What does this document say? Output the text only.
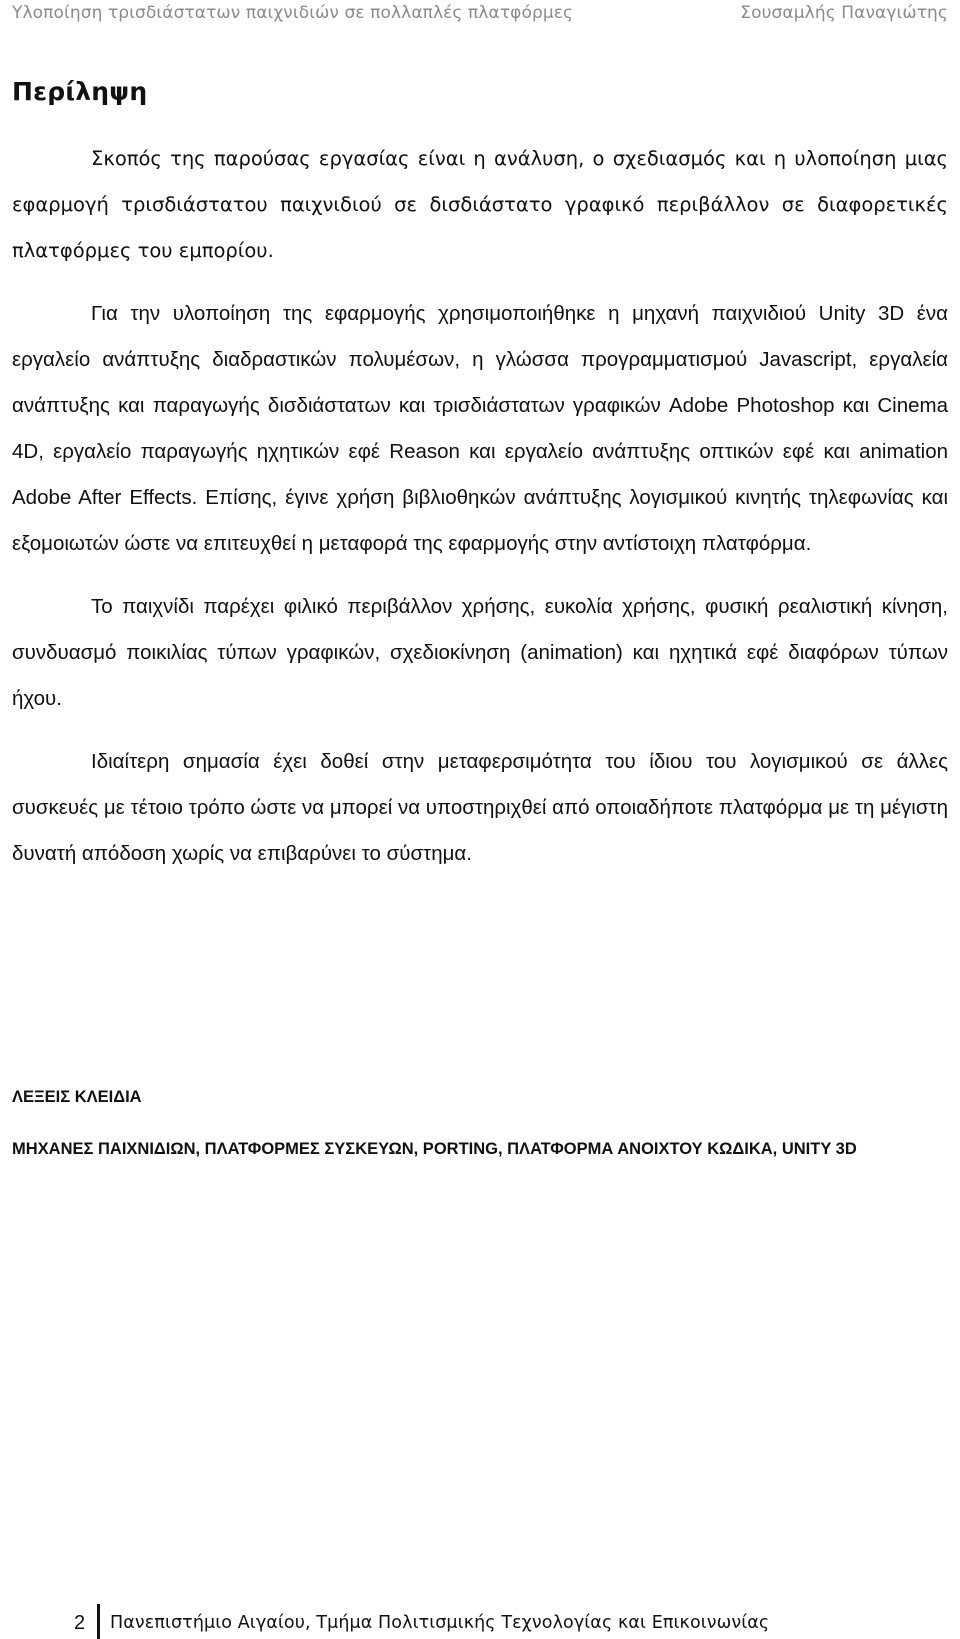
Υλοποίηση τρισδιάστατων παιχνιδιών σε πολλαπλές πλατφόρμες	Σουσαμλής Παναγιώτης
Περίληψη

Σκοπός της παρούσας εργασίας είναι η ανάλυση, ο σχεδιασμός και η υλοποίηση μιας εφαρμογή τρισδιάστατου παιχνιδιού σε δισδιάστατο γραφικό περιβάλλον σε διαφορετικές πλατφόρμες του εμπορίου.

Για την υλοποίηση της εφαρμογής χρησιμοποιήθηκε η μηχανή παιχνιδιού Unity 3D ένα εργαλείο ανάπτυξης διαδραστικών πολυμέσων, η γλώσσα προγραμματισμού Javascript, εργαλεία ανάπτυξης και παραγωγής δισδιάστατων και τρισδιάστατων γραφικών Adobe Photoshop και Cinema 4D, εργαλείο παραγωγής ηχητικών εφέ Reason και εργαλείο ανάπτυξης οπτικών εφέ και animation Adobe After Effects. Επίσης, έγινε χρήση βιβλιοθηκών ανάπτυξης λογισμικού κινητής τηλεφωνίας και εξομοιωτών ώστε να επιτευχθεί η μεταφορά της εφαρμογής στην αντίστοιχη πλατφόρμα.

Το παιχνίδι παρέχει φιλικό περιβάλλον χρήσης, ευκολία χρήσης, φυσική ρεαλιστική κίνηση, συνδυασμό ποικιλίας τύπων γραφικών, σχεδιοκίνηση (animation) και ηχητικά εφέ διαφόρων τύπων ήχου.

Ιδιαίτερη σημασία έχει δοθεί στην μεταφερσιμότητα του ίδιου του λογισμικού σε άλλες συσκευές με τέτοιο τρόπο ώστε να μπορεί να υποστηριχθεί από οποιαδήποτε πλατφόρμα με τη μέγιστη δυνατή απόδοση χωρίς να επιβαρύνει το σύστημα.

ΛΕΞΕΙΣ ΚΛΕΙΔΙΑ

ΜΗΧΑΝΕΣ ΠΑΙΧΝΙΔΙΩΝ, ΠΛΑΤΦΟΡΜΕΣ ΣΥΣΚΕΥΩΝ, PORTING, ΠΛΑΤΦΟΡΜΑ ΑΝΟΙΧΤΟΥ ΚΩΔΙΚΑ, UNITY 3D

2 Πανεπιστήμιο Αιγαίου, Τμήμα Πολιτισμικής Τεχνολογίας και Επικοινωνίας
